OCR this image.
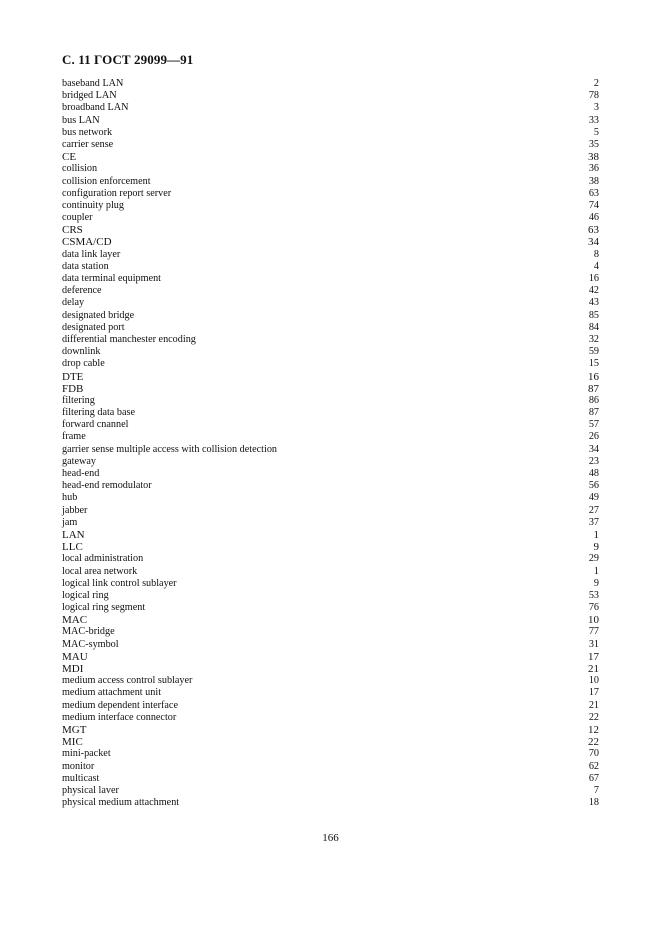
С. 11 ГОСТ 29099—91
baseband LAN	2
bridged LAN	78
broadband LAN	3
bus LAN	33
bus network	5
carrier sense	35
CE	38
collision	36
collision enforcement	38
configuration report server	63
continuity plug	74
coupler	46
CRS	63
CSMA/CD	34
data link layer	8
data station	4
data terminal equipment	16
deference	42
delay	43
designated bridge	85
designated port	84
differential manchester encoding	32
downlink	59
drop cable	15
DTE	16
FDB	87
filtering	86
filtering data base	87
forward cnannel	57
frame	26
garrier sense multiple access with collision detection	34
gateway	23
head-end	48
head-end remodulator	56
hub	49
jabber	27
jam	37
LAN	1
LLC	9
local administration	29
local area network	1
logical link control sublayer	9
logical ring	53
logical ring segment	76
MAC	10
MAC-bridge	77
MAC-symbol	31
MAU	17
MDI	21
medium access control sublayer	10
medium attachment unit	17
medium dependent interface	21
medium interface connector	22
MGT	12
MIC	22
mini-packet	70
monitor	62
multicast	67
physical laver	7
physical medium attachment	18
166
